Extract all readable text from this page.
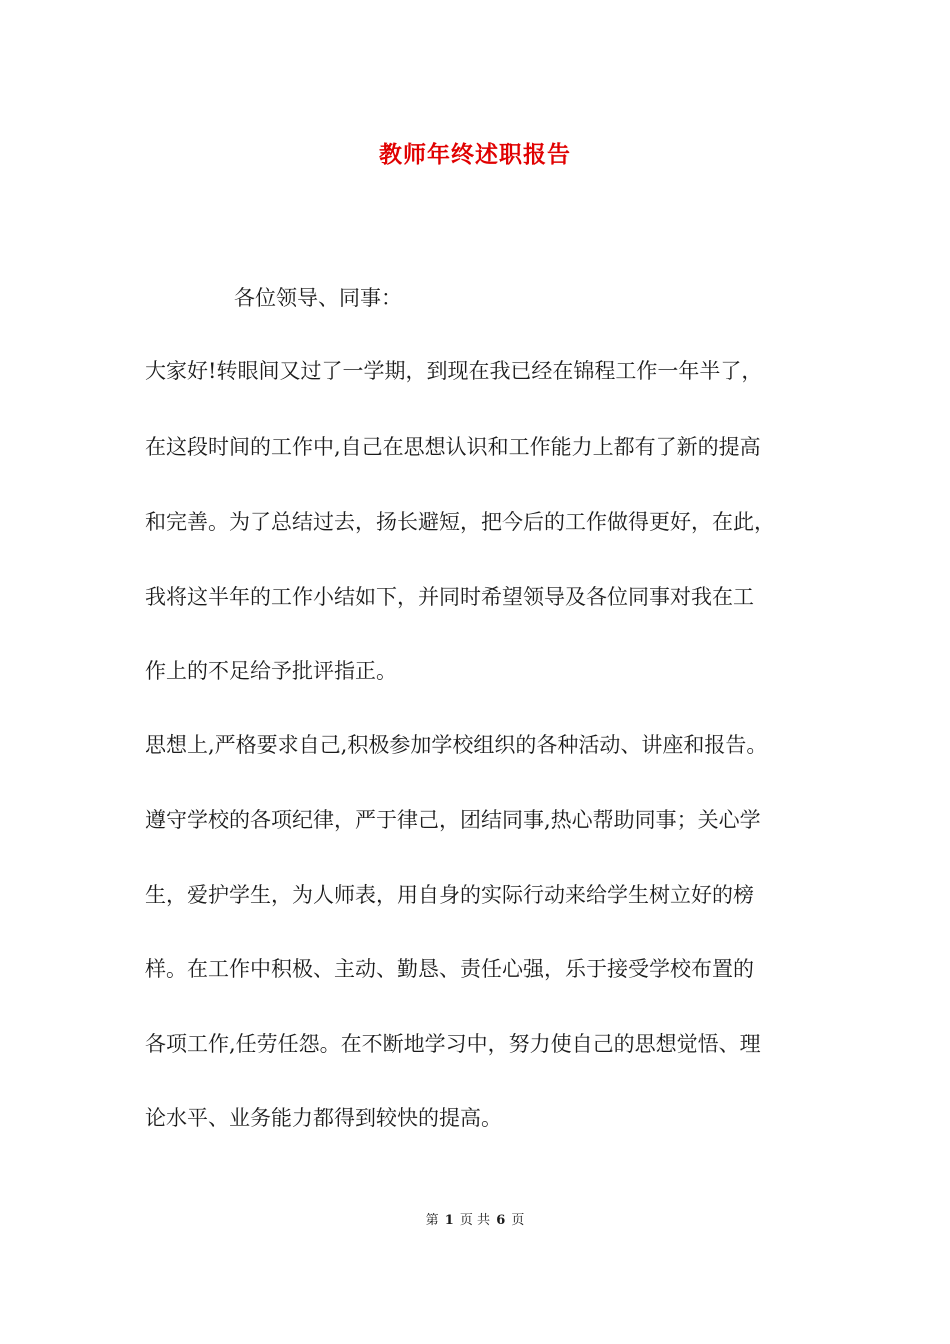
教师年终述职报告
各位领导、同事：
大家好!转眼间又过了一学期，到现在我已经在锦程工作一年半了，
在这段时间的工作中,自己在思想认识和工作能力上都有了新的提高
和完善。为了总结过去，扬长避短，把今后的工作做得更好，在此，
我将这半年的工作小结如下，并同时希望领导及各位同事对我在工
作上的不足给予批评指正。
思想上,严格要求自己,积极参加学校组织的各种活动、讲座和报告。
遵守学校的各项纪律，严于律己，团结同事,热心帮助同事；关心学
生，爱护学生，为人师表，用自身的实际行动来给学生树立好的榜
样。在工作中积极、主动、勤恳、责任心强，乐于接受学校布置的
各项工作,任劳任怨。在不断地学习中，努力使自己的思想觉悟、理
论水平、业务能力都得到较快的提高。
第 1 页 共 6 页
